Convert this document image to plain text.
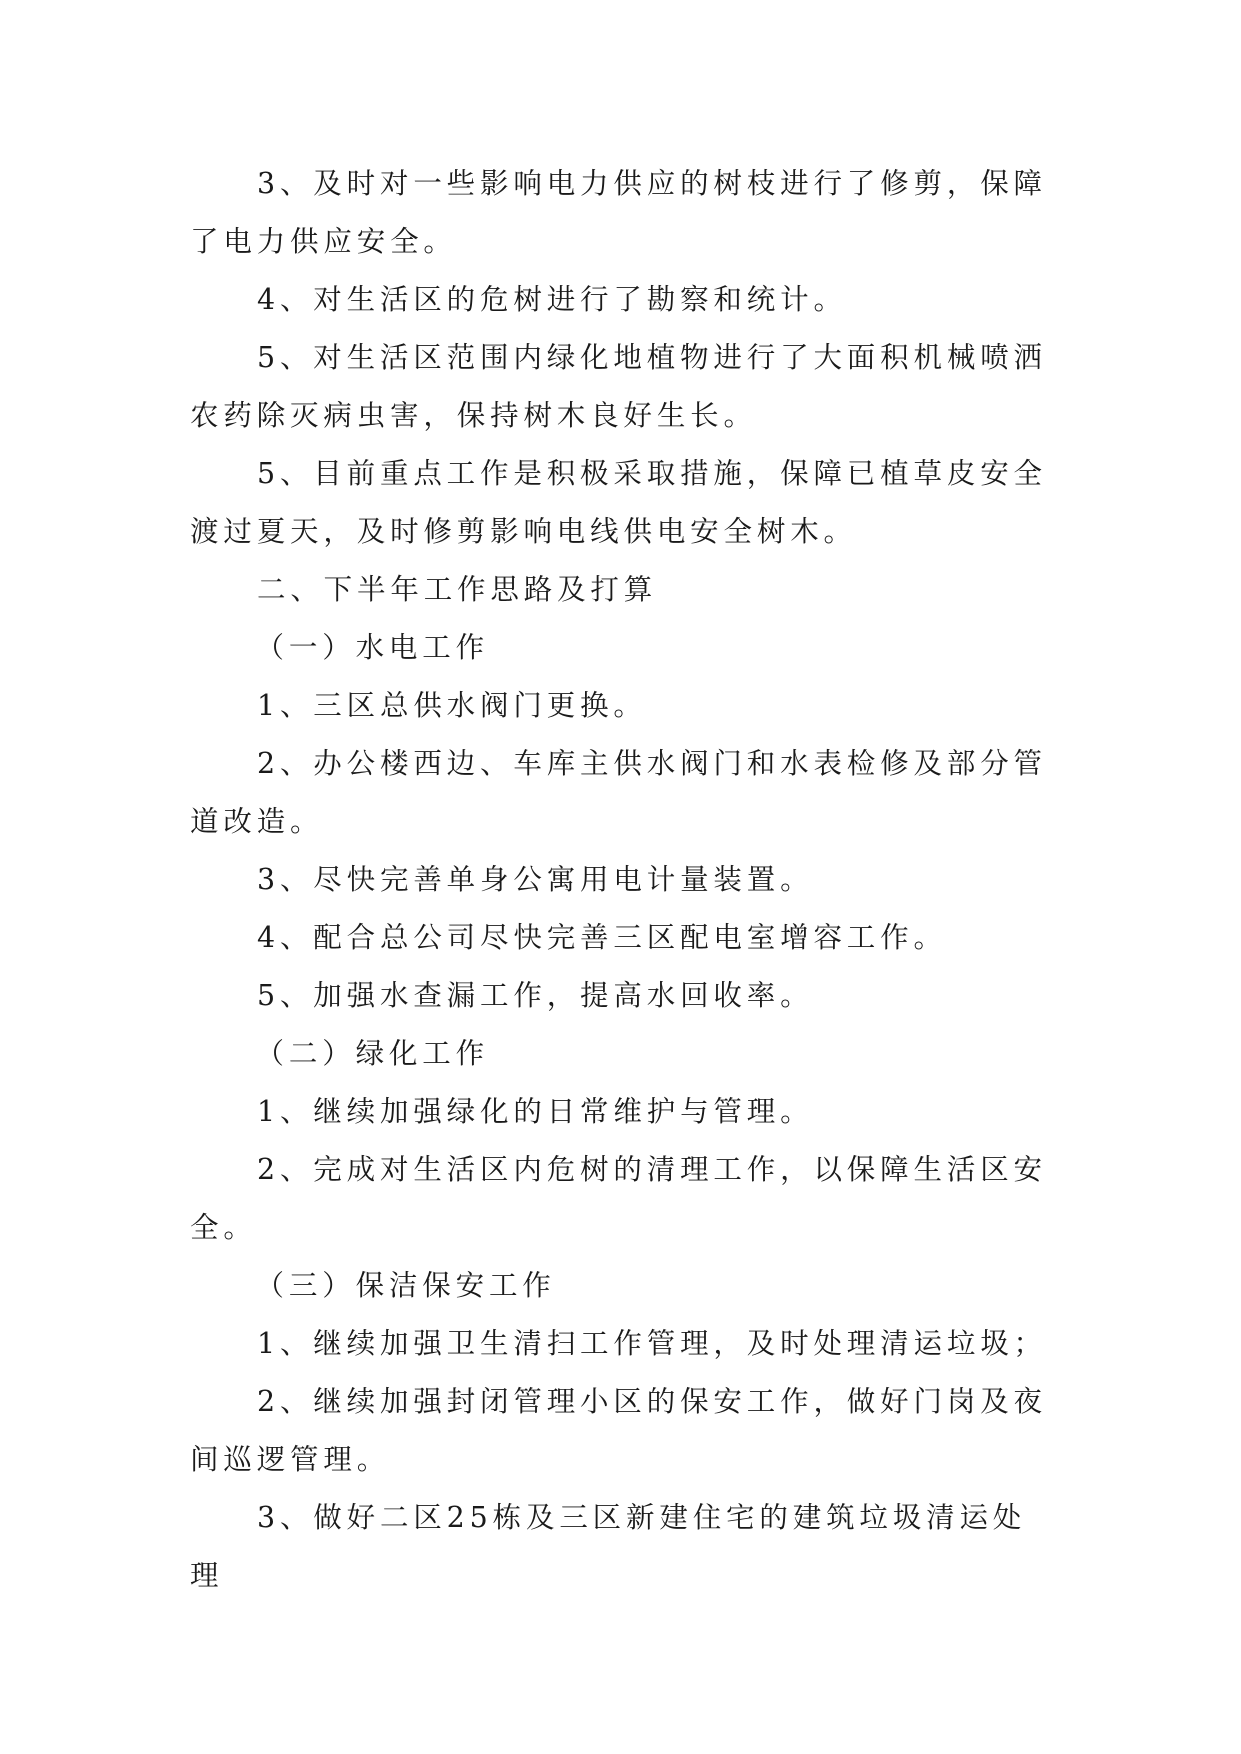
3、及时对一些影响电力供应的树枝进行了修剪，保障了电力供应安全。

4、对生活区的危树进行了勘察和统计。

5、对生活区范围内绿化地植物进行了大面积机械喷洒农药除灭病虫害，保持树木良好生长。

5、目前重点工作是积极采取措施，保障已植草皮安全渡过夏天，及时修剪影响电线供电安全树木。

二、下半年工作思路及打算

（一）水电工作

1、三区总供水阀门更换。

2、办公楼西边、车库主供水阀门和水表检修及部分管道改造。

3、尽快完善单身公寓用电计量装置。

4、配合总公司尽快完善三区配电室增容工作。

5、加强水查漏工作，提高水回收率。

（二）绿化工作

1、继续加强绿化的日常维护与管理。

2、完成对生活区内危树的清理工作，以保障生活区安全。

（三）保洁保安工作

1、继续加强卫生清扫工作管理，及时处理清运垃圾；

2、继续加强封闭管理小区的保安工作，做好门岗及夜间巡逻管理。

3、做好二区25栋及三区新建住宅的建筑垃圾清运处理
